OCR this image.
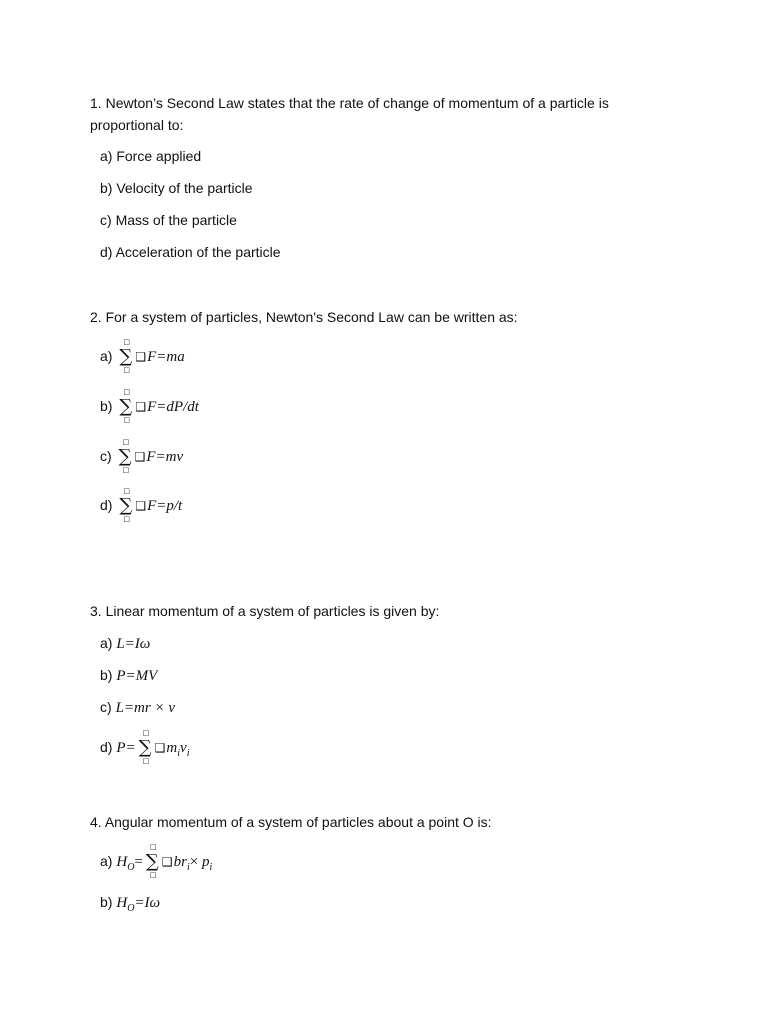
1. Newton’s Second Law states that the rate of change of momentum of a particle is proportional to:
a) Force applied
b) Velocity of the particle
c) Mass of the particle
d) Acceleration of the particle
2. For a system of particles, Newton's Second Law can be written as:
a)
□
∑
□
❑F=ma
b)
□
∑
□
❑F=dP/dt
c)
□
∑
□
❑F=mv
d)
□
∑
□
❑F=p/t
3. Linear momentum of a system of particles is given by:
a) L=Iω
b) P=MV
c) L=mr × v
d) P=
□
∑
□
$❑m_iv_i$
4. Angular momentum of a system of particles about a point O is:
a) $H_O=$
□
∑
□
$❑br_i\times p_i$
b) $H_O=I\omega$
